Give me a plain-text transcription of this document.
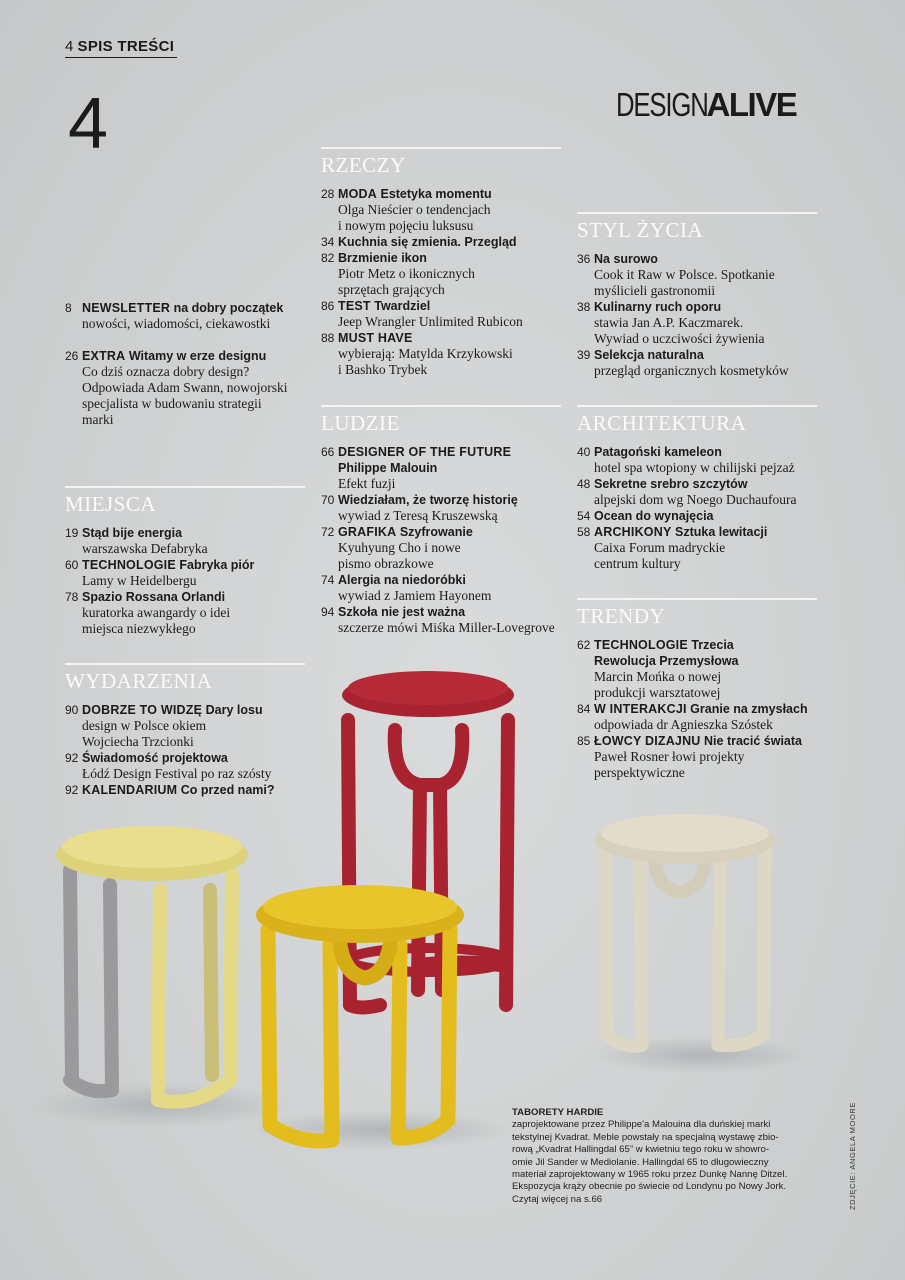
4 SPIS TREŚCI
4	DESIGNALIVE
8 NEWSLETTER na dobry początek
nowości, wiadomości, ciekawostki
26 EXTRA Witamy w erze designu
Co dziś oznacza dobry design?
Odpowiada Adam Swann, nowojorski
specjalista w budowaniu strategii
marki
MIEJSCA
19 Stąd bije energia
warszawska Defabryka
60 TECHNOLOGIE Fabryka piór
Lamy w Heidelbergu
78 Spazio Rossana Orlandi
kuratorka awangardy o idei
miejsca niezwykłego
WYDARZENIA
90 DOBRZE TO WIDZĘ Dary losu
design w Polsce okiem
Wojciecha Trzcionki
92 Świadomość projektowa
Łódź Design Festival po raz szósty
92 KALENDARIUM Co przed nami?
RZECZY
28 MODA Estetyka momentu
Olga Nieścier o tendencjach
i nowym pojęciu luksusu
34 Kuchnia się zmienia. Przegląd
82 Brzmienie ikon
Piotr Metz o ikonicznych
sprzętach grających
86 TEST Twardziel
Jeep Wrangler Unlimited Rubicon
88 MUST HAVE
wybierają: Matylda Krzykowski
i Bashko Trybek
LUDZIE
66 DESIGNER OF THE FUTURE
Philippe Malouin
Efekt fuzji
70 Wiedziałam, że tworzę historię
wywiad z Teresą Kruszewską
72 GRAFIKA Szyfrowanie
Kyuhyung Cho i nowe
pismo obrazkowe
74 Alergia na niedoróbki
wywiad z Jamiem Hayonem
94 Szkoła nie jest ważna
szczerze mówi Miśka Miller-Lovegrove
STYL ŻYCIA
36 Na surowo
Cook it Raw w Polsce. Spotkanie
myślicieli gastronomii
38 Kulinarny ruch oporu
stawia Jan A.P. Kaczmarek.
Wywiad o uczciwości żywienia
39 Selekcja naturalna
przegląd organicznych kosmetyków
ARCHITEKTURA
40 Patagoński kameleon
hotel spa wtopiony w chilijski pejzaż
48 Sekretne srebro szczytów
alpejski dom wg Noego Duchaufoura
54 Ocean do wynajęcia
58 ARCHIKONY Sztuka lewitacji
Caixa Forum madryckie
centrum kultury
TRENDY
62 TECHNOLOGIE Trzecia
Rewolucja Przemysłowa
Marcin Mońka o nowej
produkcji warsztatowej
84 W INTERAKCJI Granie na zmysłach
odpowiada dr Agnieszka Szóstek
85 ŁOWCY DIZAJNU Nie tracić świata
Paweł Rosner łowi projekty
perspektywiczne
TABORETY HARDIE
zaprojektowane przez Philippe'a Malouina dla duńskiej marki
tekstylnej Kvadrat. Meble powstały na specjalną wystawę zbio-
rową „Kvadrat Hallingdal 65” w kwietniu tego roku w showro-
omie Jil Sander w Mediolanie. Hallingdal 65 to długowieczny
materiał zaprojektowany w 1965 roku przez Dunkę Nannę Ditzel.
Ekspozycja krąży obecnie po świecie od Londynu po Nowy Jork.
Czytaj więcej na s.66	ZDJĘCIE: ANGELA MOORE
